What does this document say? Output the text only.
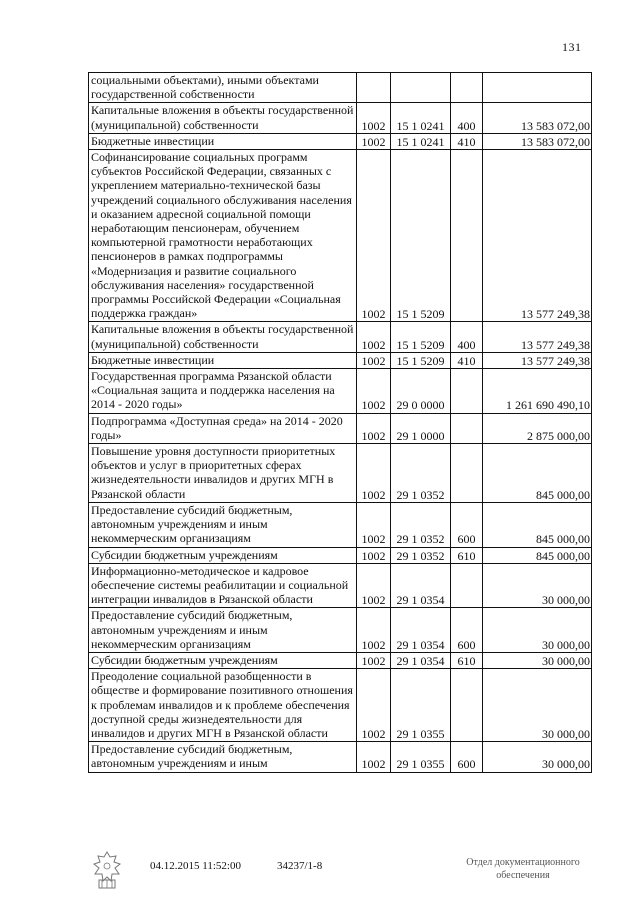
131
социальными объектами), иными объектами государственной собственности				
Капитальные вложения в объекты государственной (муниципальной) собственности	1002	15 1 0241	400	13 583 072,00
Бюджетные инвестиции	1002	15 1 0241	410	13 583 072,00
Софинансирование социальных программ субъектов Российской Федерации, связанных с укреплением материально-технической базы учреждений социального обслуживания населения и оказанием адресной социальной помощи неработающим пенсионерам, обучением компьютерной грамотности неработающих пенсионеров в рамках подпрограммы «Модернизация и развитие социального обслуживания населения» государственной программы Российской Федерации «Социальная поддержка граждан»	1002	15 1 5209		13 577 249,38
Капитальные вложения в объекты государственной (муниципальной) собственности	1002	15 1 5209	400	13 577 249,38
Бюджетные инвестиции	1002	15 1 5209	410	13 577 249,38
Государственная программа Рязанской области «Социальная защита и поддержка населения на 2014 - 2020 годы»	1002	29 0 0000		1 261 690 490,10
Подпрограмма «Доступная среда» на 2014 - 2020 годы»	1002	29 1 0000		2 875 000,00
Повышение уровня доступности приоритетных объектов и услуг в приоритетных сферах жизнедеятельности инвалидов и других МГН в Рязанской области	1002	29 1 0352		845 000,00
Предоставление субсидий бюджетным, автономным учреждениям и иным некоммерческим организациям	1002	29 1 0352	600	845 000,00
Субсидии бюджетным учреждениям	1002	29 1 0352	610	845 000,00
Информационно-методическое и кадровое обеспечение системы реабилитации и социальной интеграции инвалидов в Рязанской области	1002	29 1 0354		30 000,00
Предоставление субсидий бюджетным, автономным учреждениям и иным некоммерческим организациям	1002	29 1 0354	600	30 000,00
Субсидии бюджетным учреждениям	1002	29 1 0354	610	30 000,00
Преодоление социальной разобщенности в обществе и формирование позитивного отношения к проблемам инвалидов и к проблеме обеспечения доступной среды жизнедеятельности для инвалидов и других МГН в Рязанской области	1002	29 1 0355		30 000,00
Предоставление субсидий бюджетным, автономным учреждениям и иным	1002	29 1 0355	600	30 000,00
04.12.2015 11:52:00	34237/1-8	Отдел документационного обеспечения
